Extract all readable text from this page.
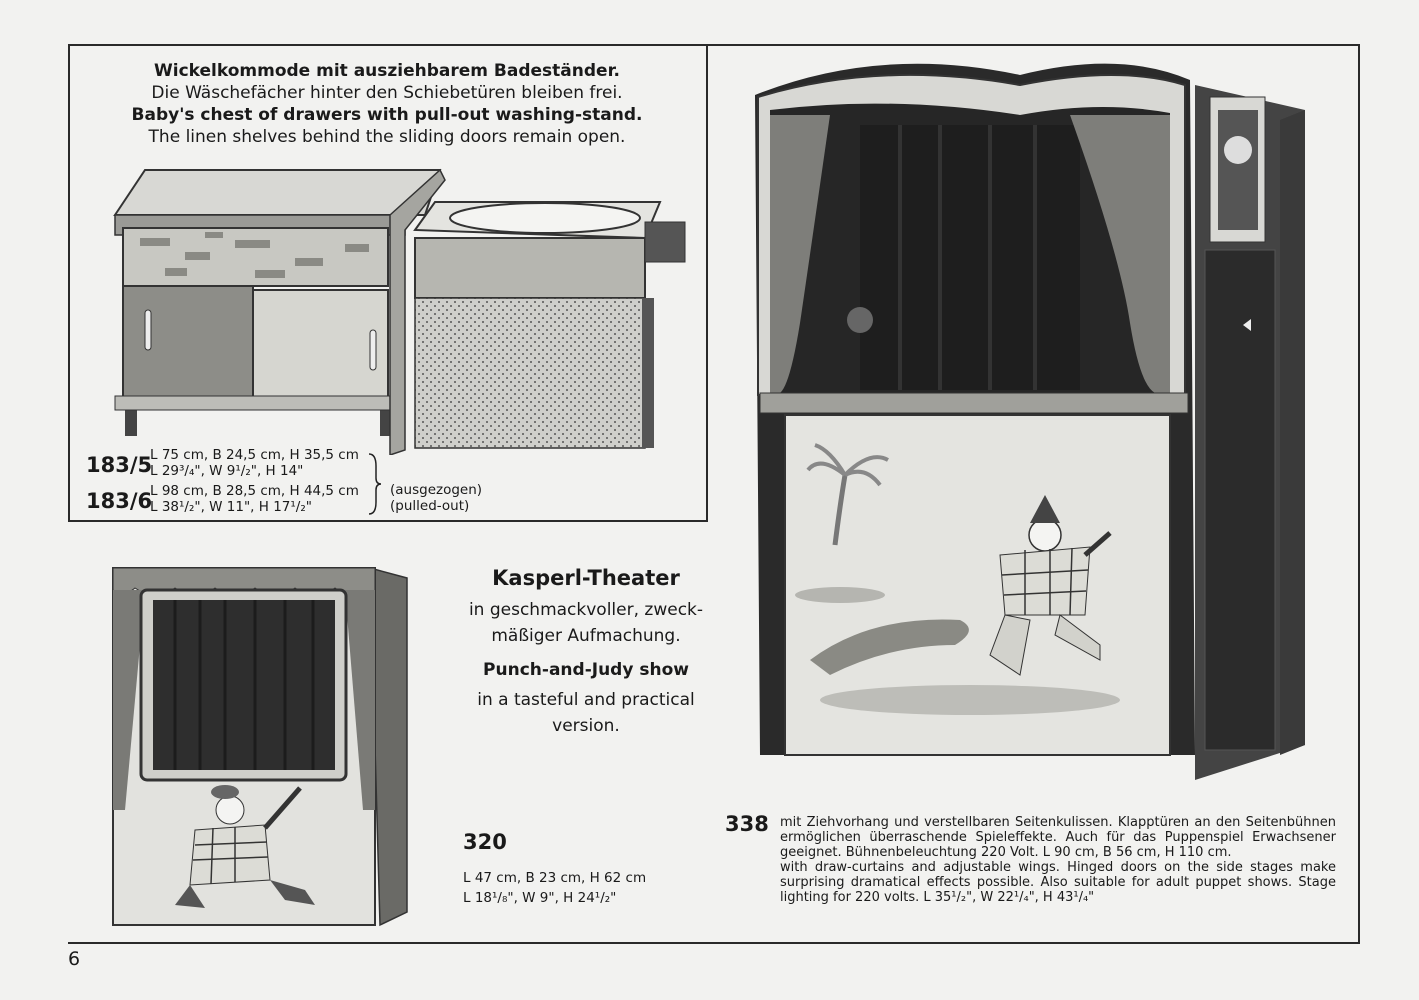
Wickelkommode mit ausziehbarem Badeständer.
Die Wäschefächer hinter den Schiebetüren bleiben frei.
Baby's chest of drawers with pull-out washing-stand.
The linen shelves behind the sliding doors remain open.
183/5
L 75 cm, B 24,5 cm, H 35,5 cm
L 29³/₄", W 9¹/₂", H 14"
183/6
L 98 cm, B 28,5 cm, H 44,5 cm
L 38¹/₂", W 11", H 17¹/₂"
(ausgezogen)
(pulled-out)
Kasperl-Theater
in geschmackvoller, zweck-
mäßiger Aufmachung.
Punch-and-Judy show
in a tasteful and practical
version.
320
L 47 cm, B 23 cm, H 62 cm
L 18¹/₈", W 9", H 24¹/₂"
338 mit Ziehvorhang und verstellbaren Seitenkulissen. Klapptüren an den Seitenbühnen ermöglichen überraschende Spieleffekte. Auch für das Puppenspiel Erwachsener geeignet. Bühnenbeleuchtung 220 Volt. L 90 cm, B 56 cm, H 110 cm.

with draw-curtains and adjustable wings. Hinged doors on the side stages make surprising dramatical effects possible. Also suitable for adult puppet shows. Stage lighting for 220 volts. L 35¹/₂", W 22¹/₄", H 43¹/₄"

6
